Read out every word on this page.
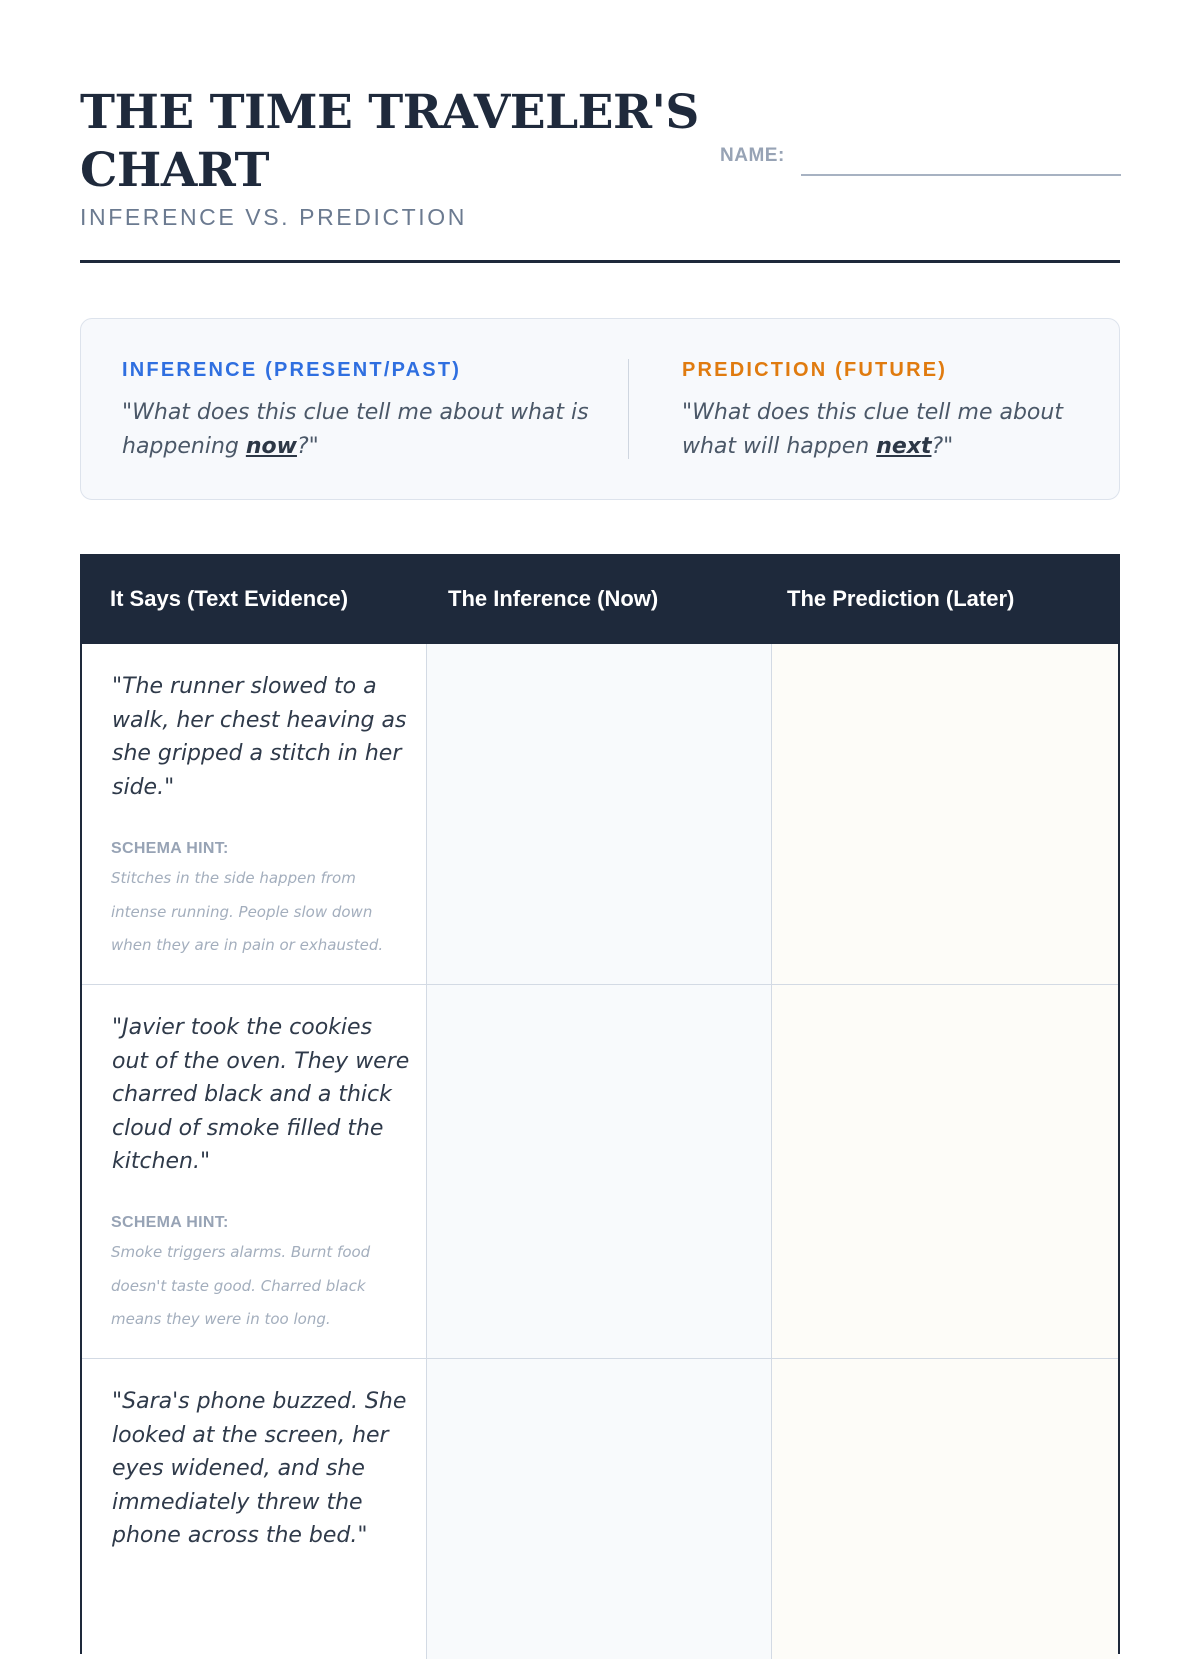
THE TIME TRAVELER'S CHART

INFERENCE VS. PREDICTION

NAME:

INFERENCE (PRESENT/PAST)

"What does this clue tell me about what is happening now?"

PREDICTION (FUTURE)

"What does this clue tell me about what will happen next?"

It Says (Text Evidence)	The Inference (Now)	The Prediction (Later)

"The runner slowed to a walk, her chest heaving as she gripped a stitch in her side."

SCHEMA HINT:

Stitches in the side happen from intense running. People slow down when they are in pain or exhausted.

"Javier took the cookies out of the oven. They were charred black and a thick cloud of smoke filled the kitchen."

SCHEMA HINT:

Smoke triggers alarms. Burnt food doesn't taste good. Charred black means they were in too long.

"Sara's phone buzzed. She looked at the screen, her eyes widened, and she immediately threw the phone across the bed."
